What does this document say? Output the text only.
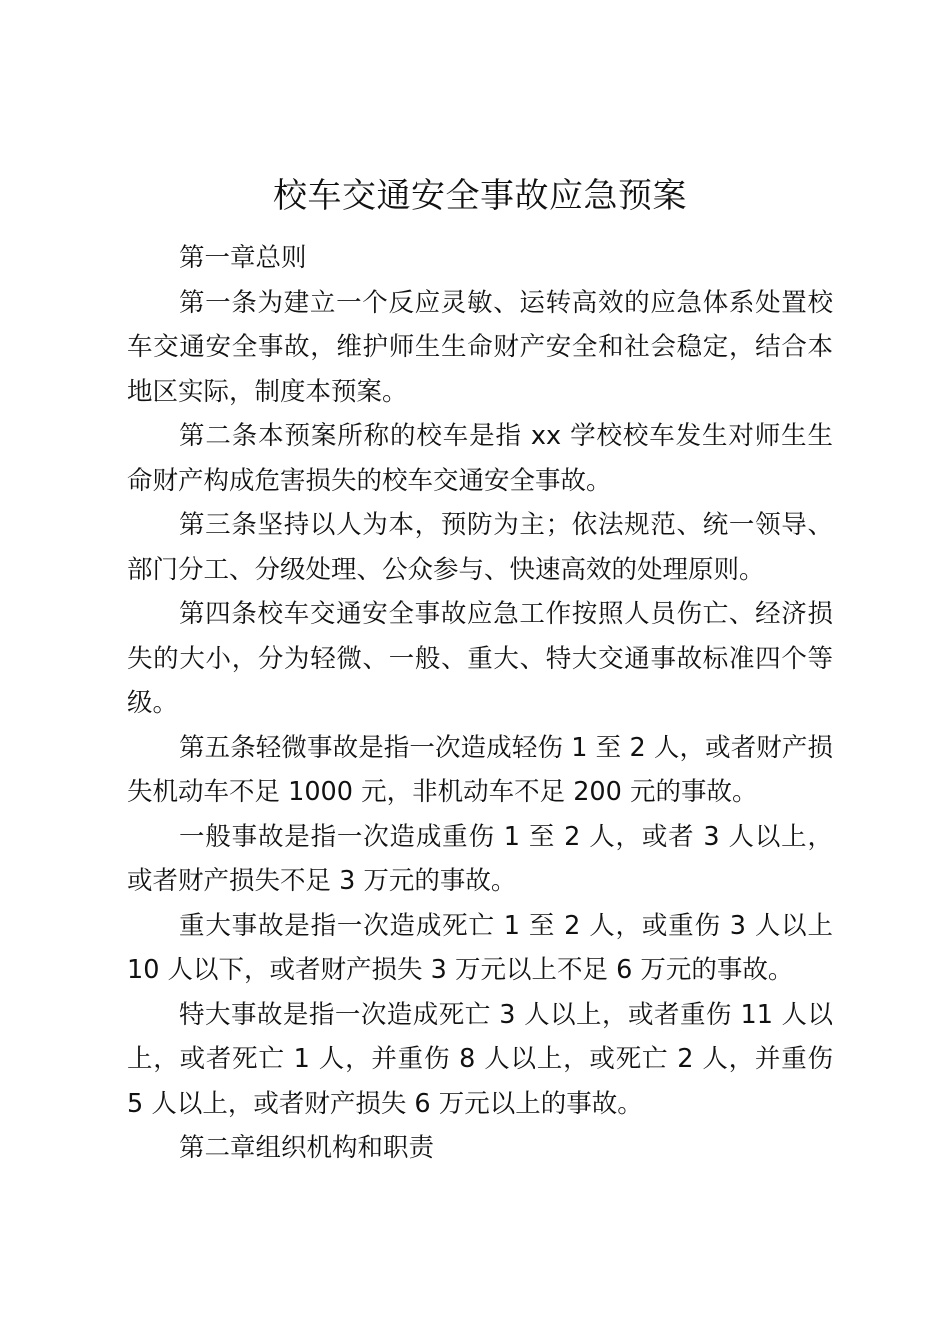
校车交通安全事故应急预案

第一章总则

第一条为建立一个反应灵敏、运转高效的应急体系处置校车交通安全事故，维护师生生命财产安全和社会稳定，结合本地区实际，制度本预案。

第二条本预案所称的校车是指 xx 学校校车发生对师生生命财产构成危害损失的校车交通安全事故。

第三条坚持以人为本，预防为主；依法规范、统一领导、部门分工、分级处理、公众参与、快速高效的处理原则。

第四条校车交通安全事故应急工作按照人员伤亡、经济损失的大小，分为轻微、一般、重大、特大交通事故标准四个等级。

第五条轻微事故是指一次造成轻伤 1 至 2 人，或者财产损失机动车不足 1000 元，非机动车不足 200 元的事故。

一般事故是指一次造成重伤 1 至 2 人，或者 3 人以上，或者财产损失不足 3 万元的事故。

重大事故是指一次造成死亡 1 至 2 人，或重伤 3 人以上 10 人以下，或者财产损失 3 万元以上不足 6 万元的事故。

特大事故是指一次造成死亡 3 人以上，或者重伤 11 人以上，或者死亡 1 人，并重伤 8 人以上，或死亡 2 人，并重伤 5 人以上，或者财产损失 6 万元以上的事故。

第二章组织机构和职责
